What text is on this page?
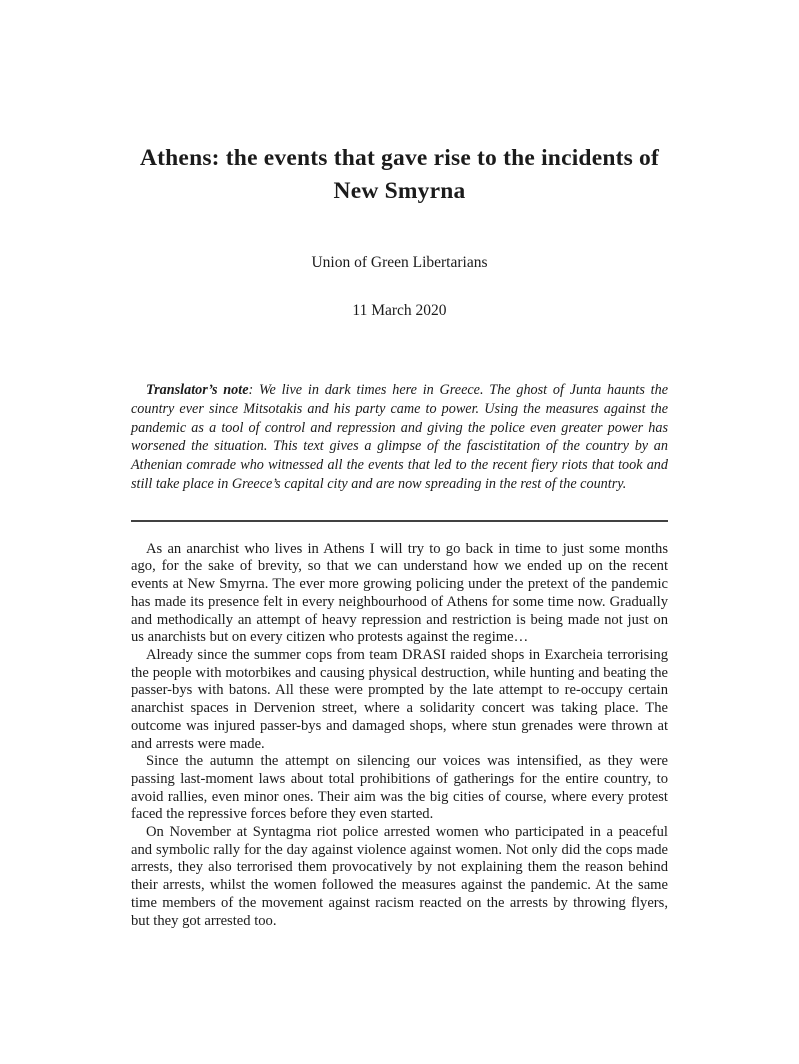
Athens: the events that gave rise to the incidents of New Smyrna

Union of Green Libertarians

11 March 2020

Translator’s note: We live in dark times here in Greece. The ghost of Junta haunts the country ever since Mitsotakis and his party came to power. Using the measures against the pandemic as a tool of control and repression and giving the police even greater power has worsened the situation. This text gives a glimpse of the fascistitation of the country by an Athenian comrade who witnessed all the events that led to the recent fiery riots that took and still take place in Greece’s capital city and are now spreading in the rest of the country.

As an anarchist who lives in Athens I will try to go back in time to just some months ago, for the sake of brevity, so that we can understand how we ended up on the recent events at New Smyrna. The ever more growing policing under the pretext of the pandemic has made its presence felt in every neighbourhood of Athens for some time now. Gradually and methodically an attempt of heavy repression and restriction is being made not just on us anarchists but on every citizen who protests against the regime…

Already since the summer cops from team DRASI raided shops in Exarcheia terrorising the people with motorbikes and causing physical destruction, while hunting and beating the passer-bys with batons. All these were prompted by the late attempt to re-occupy certain anarchist spaces in Dervenion street, where a solidarity concert was taking place. The outcome was injured passer-bys and damaged shops, where stun grenades were thrown at and arrests were made.

Since the autumn the attempt on silencing our voices was intensified, as they were passing last-moment laws about total prohibitions of gatherings for the entire country, to avoid rallies, even minor ones. Their aim was the big cities of course, where every protest faced the repressive forces before they even started.

On November at Syntagma riot police arrested women who participated in a peaceful and symbolic rally for the day against violence against women. Not only did the cops made arrests, they also terrorised them provocatively by not explaining them the reason behind their arrests, whilst the women followed the measures against the pandemic. At the same time members of the movement against racism reacted on the arrests by throwing flyers, but they got arrested too.
